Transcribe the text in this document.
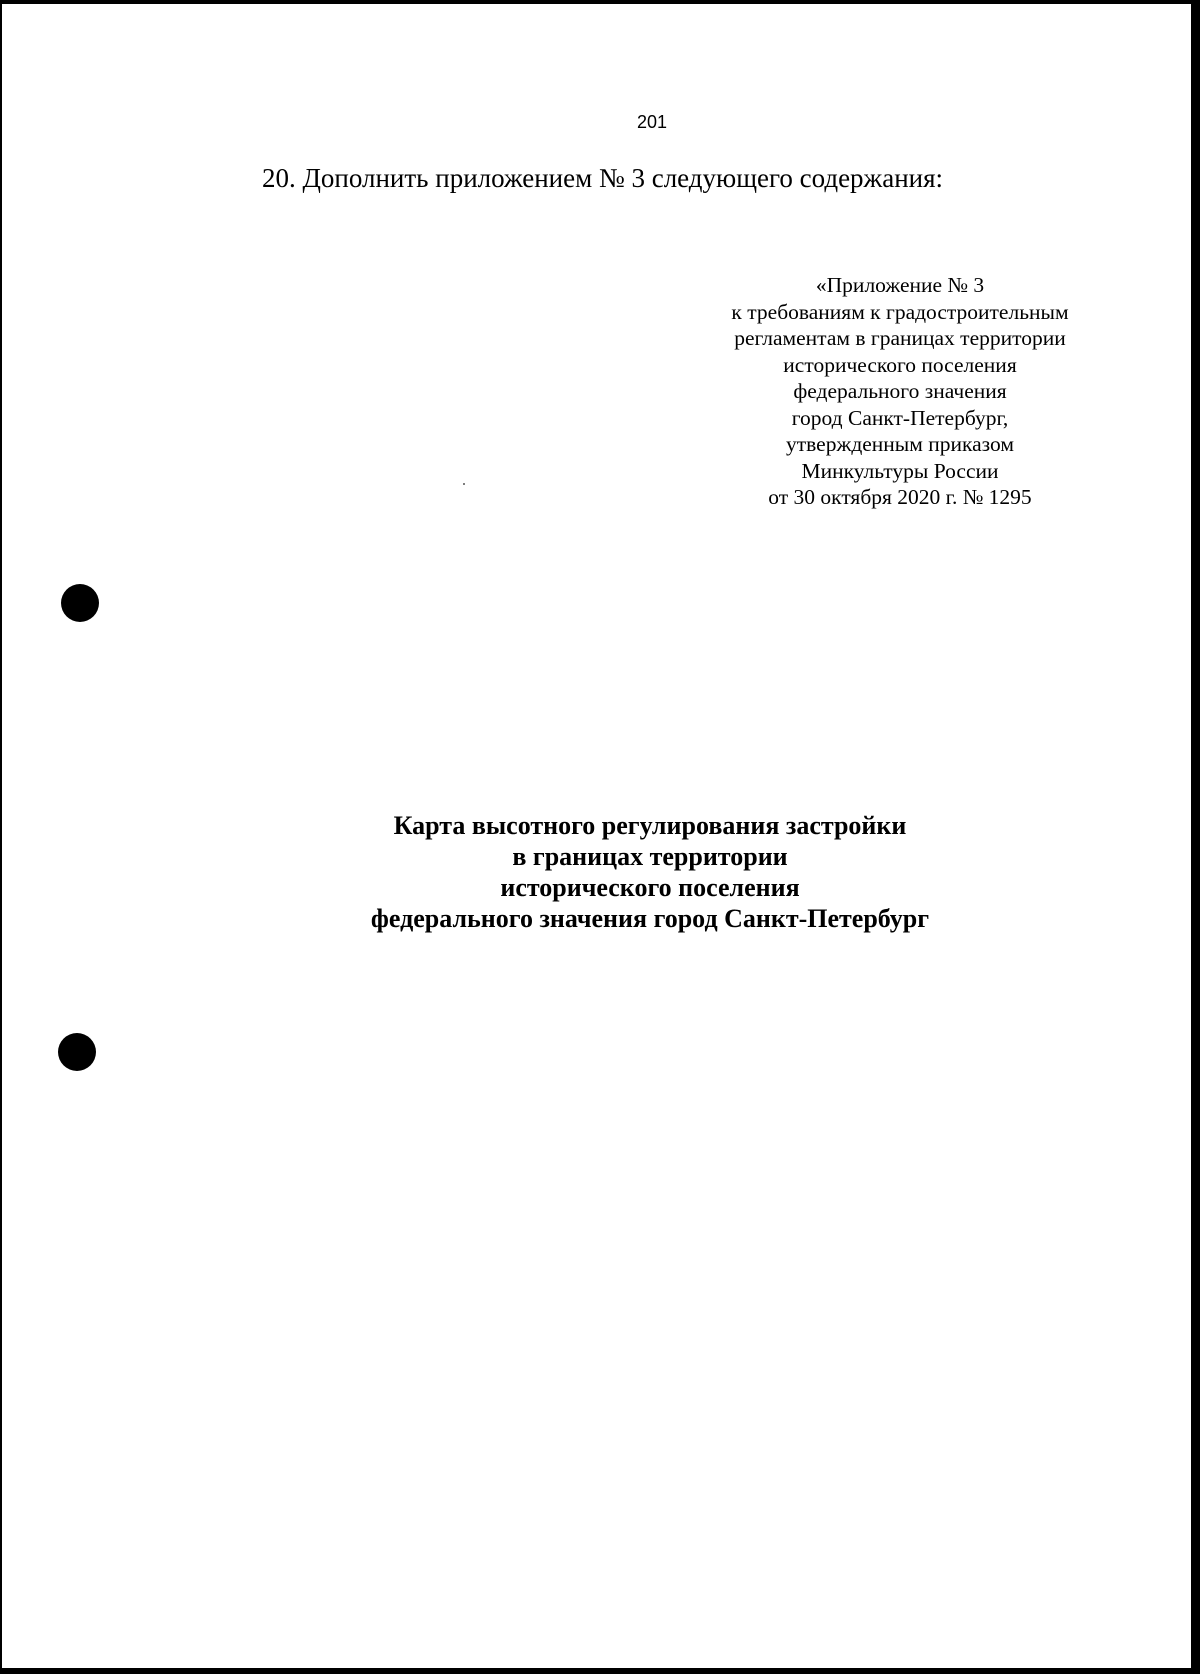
201
20. Дополнить приложением № 3 следующего содержания:
«Приложение № 3
к требованиям к градостроительным
регламентам в границах территории
исторического поселения
федерального значения
город Санкт-Петербург,
утвержденным приказом
Минкультуры России
от 30 октября 2020 г. № 1295
Карта высотного регулирования застройки
в границах территории
исторического поселения
федерального значения город Санкт-Петербург
